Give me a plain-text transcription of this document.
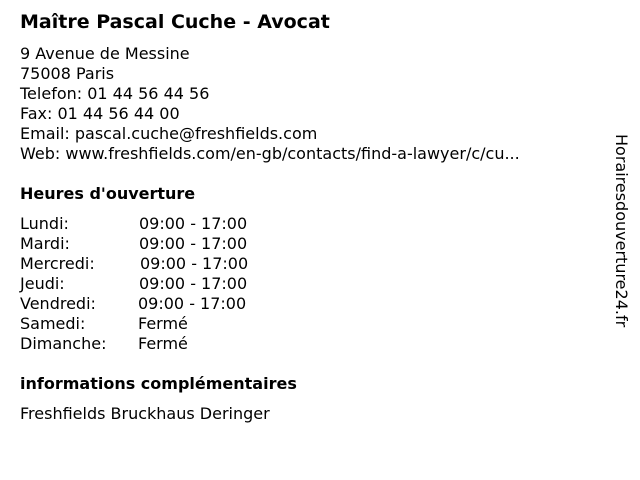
Maître Pascal Cuche - Avocat
9 Avenue de Messine
75008 Paris
Telefon: 01 44 56 44 56
Fax: 01 44 56 44 00
Email: pascal.cuche@freshfields.com
Web: www.freshfields.com/en-gb/contacts/find-a-lawyer/c/cu...
Heures d'ouverture
Lundi:	09:00 - 17:00
Mardi:	09:00 - 17:00
Mercredi:	09:00 - 17:00
Jeudi:	09:00 - 17:00
Vendredi:	09:00 - 17:00
Samedi:	Fermé
Dimanche: Fermé
informations complémentaires
Freshfields Bruckhaus Deringer
Horairesdouverture24.fr
